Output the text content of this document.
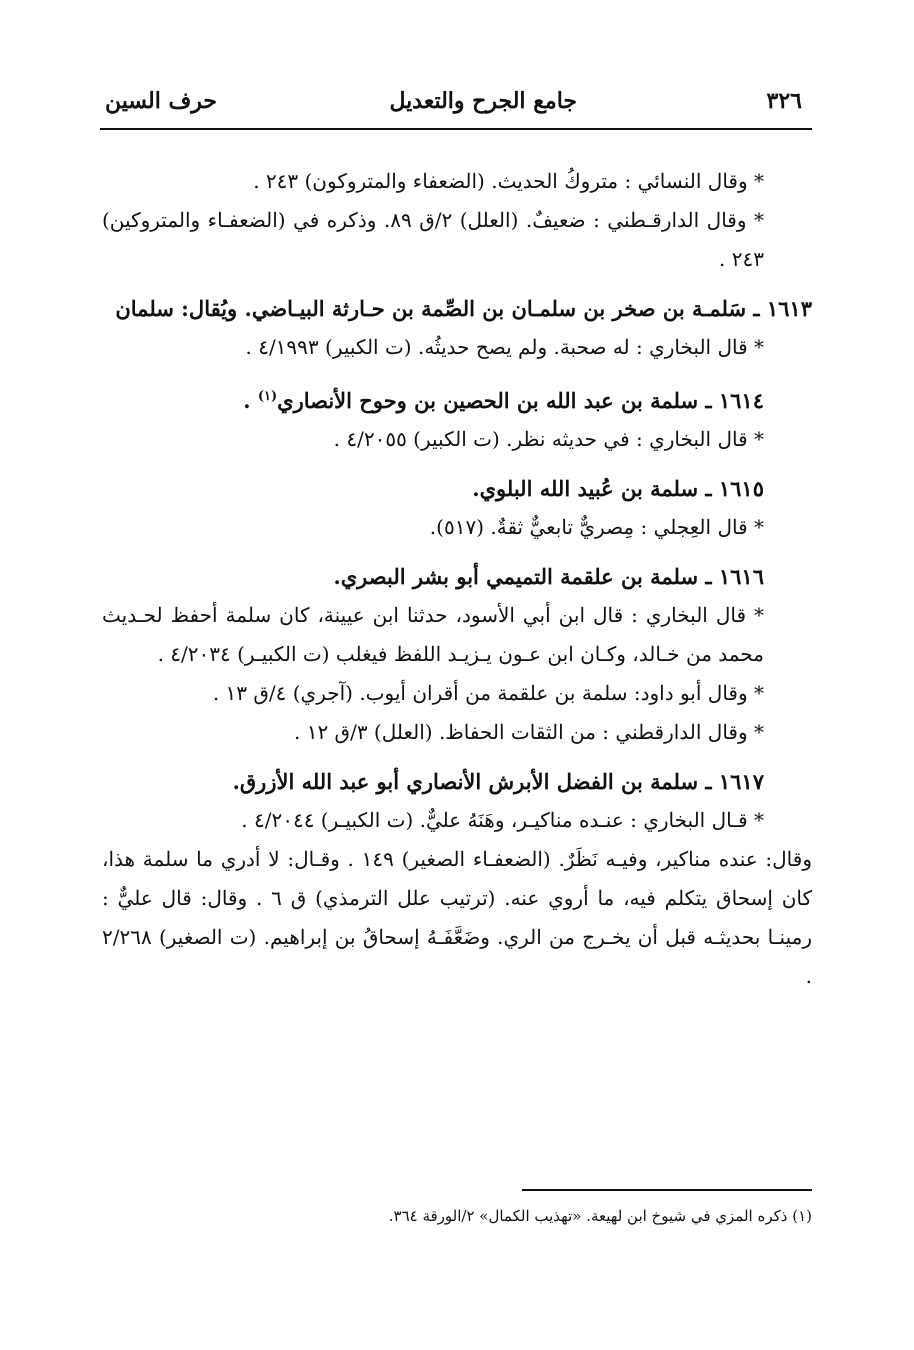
٣٢٦
جامع الجرح والتعديل
حرف السين

* وقال النسائي : متروكُ الحديث. (الضعفاء والمتروكون) ٢٤٣ .

* وقال الدارقـطني : ضعيفٌ. (العلل) ٢/ق ٨٩. وذكره في (الضعفـاء والمتروكين) ٢٤٣ .

١٦١٣ ـ سَلمـة بن صخر بن سلمـان بن الصِّمة بن حـارثة البيـاضي. ويُقال: سلمان

* قال البخاري : له صحبة. ولم يصح حديثُه. (ت الكبير) ٤/١٩٩٣ .

١٦١٤ ـ سلمة بن عبد الله بن الحصين بن وحوح الأنصاري$^{(١)}$ .

* قال البخاري : في حديثه نظر. (ت الكبير) ٤/٢٠٥٥ .

١٦١٥ ـ سلمة بن عُبيد الله البلوي.

* قال العِجلي : مِصريٌّ تابعيٌّ ثقةٌ. (٥١٧).

١٦١٦ ـ سلمة بن علقمة التميمي أبو بشر البصري.

* قال البخاري : قال ابن أبي الأسود، حدثنا ابن عيينة، كان سلمة أحفظ لحـديث محمد من خـالد، وكـان ابن عـون يـزيـد اللفظ فيغلب (ت الكبيـر) ٤/٢٠٣٤ .

* وقال أبو داود: سلمة بن علقمة من أقران أيوب. (آجري) ٤/ق ١٣ .

* وقال الدارقطني : من الثقات الحفاظ. (العلل) ٣/ق ١٢ .

١٦١٧ ـ سلمة بن الفضل الأبرش الأنصاري أبو عبد الله الأزرق.

* قـال البخاري : عنـده مناكيـر، وهَنَهُ عليٌّ. (ت الكبيـر) ٤/٢٠٤٤ .

وقال: عنده مناكير، وفيـه نَظَرٌ. (الضعفـاء الصغير) ١٤٩ . وقـال: لا أدري ما سلمة هذا، كان إسحاق يتكلم فيه، ما أروي عنه. (ترتيب علل الترمذي) ق ٦ . وقال: قال عليٌّ : رمينـا بحديثـه قبل أن يخـرج من الري. وضَعَّفَـهُ إسحاقُ بن إبراهيم. (ت الصغير) ٢/٢٦٨ .

(١) ذكره المزي في شيوخ ابن لهيعة. «تهذيب الكمال» ٢/الورقة ٣٦٤.
